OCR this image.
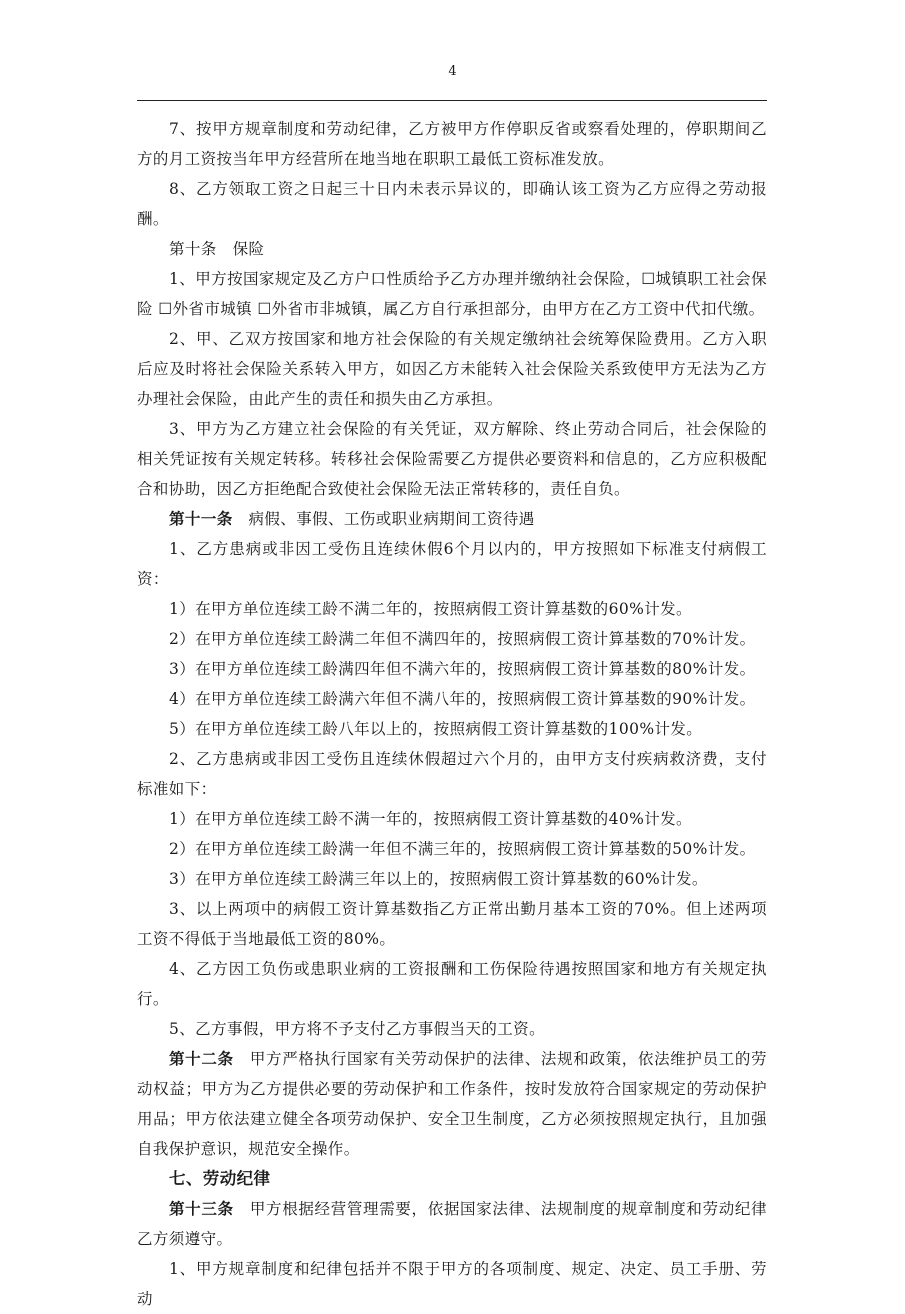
4

7、按甲方规章制度和劳动纪律，乙方被甲方作停职反省或察看处理的，停职期间乙方的月工资按当年甲方经营所在地当地在职职工最低工资标准发放。

8、乙方领取工资之日起三十日内未表示异议的，即确认该工资为乙方应得之劳动报酬。

第十条　保险

1、甲方按国家规定及乙方户口性质给予乙方办理并缴纳社会保险，☐城镇职工社会保险 ☐外省市城镇 ☐外省市非城镇，属乙方自行承担部分，由甲方在乙方工资中代扣代缴。

2、甲、乙双方按国家和地方社会保险的有关规定缴纳社会统筹保险费用。乙方入职后应及时将社会保险关系转入甲方，如因乙方未能转入社会保险关系致使甲方无法为乙方办理社会保险，由此产生的责任和损失由乙方承担。

3、甲方为乙方建立社会保险的有关凭证，双方解除、终止劳动合同后，社会保险的相关凭证按有关规定转移。转移社会保险需要乙方提供必要资料和信息的，乙方应积极配合和协助，因乙方拒绝配合致使社会保险无法正常转移的，责任自负。

第十一条　病假、事假、工伤或职业病期间工资待遇

1、乙方患病或非因工受伤且连续休假6个月以内的，甲方按照如下标准支付病假工资：

1）在甲方单位连续工龄不满二年的，按照病假工资计算基数的60%计发。

2）在甲方单位连续工龄满二年但不满四年的，按照病假工资计算基数的70%计发。

3）在甲方单位连续工龄满四年但不满六年的，按照病假工资计算基数的80%计发。

4）在甲方单位连续工龄满六年但不满八年的，按照病假工资计算基数的90%计发。

5）在甲方单位连续工龄八年以上的，按照病假工资计算基数的100%计发。

2、乙方患病或非因工受伤且连续休假超过六个月的，由甲方支付疾病救济费，支付标准如下：

1）在甲方单位连续工龄不满一年的，按照病假工资计算基数的40%计发。

2）在甲方单位连续工龄满一年但不满三年的，按照病假工资计算基数的50%计发。

3）在甲方单位连续工龄满三年以上的，按照病假工资计算基数的60%计发。

3、以上两项中的病假工资计算基数指乙方正常出勤月基本工资的70%。但上述两项工资不得低于当地最低工资的80%。

4、乙方因工负伤或患职业病的工资报酬和工伤保险待遇按照国家和地方有关规定执行。

5、乙方事假，甲方将不予支付乙方事假当天的工资。

第十二条　甲方严格执行国家有关劳动保护的法律、法规和政策，依法维护员工的劳动权益；甲方为乙方提供必要的劳动保护和工作条件，按时发放符合国家规定的劳动保护用品；甲方依法建立健全各项劳动保护、安全卫生制度，乙方必须按照规定执行，且加强自我保护意识，规范安全操作。

七、劳动纪律

第十三条　甲方根据经营管理需要，依据国家法律、法规制度的规章制度和劳动纪律乙方须遵守。

1、甲方规章制度和纪律包括并不限于甲方的各项制度、规定、决定、员工手册、劳动
